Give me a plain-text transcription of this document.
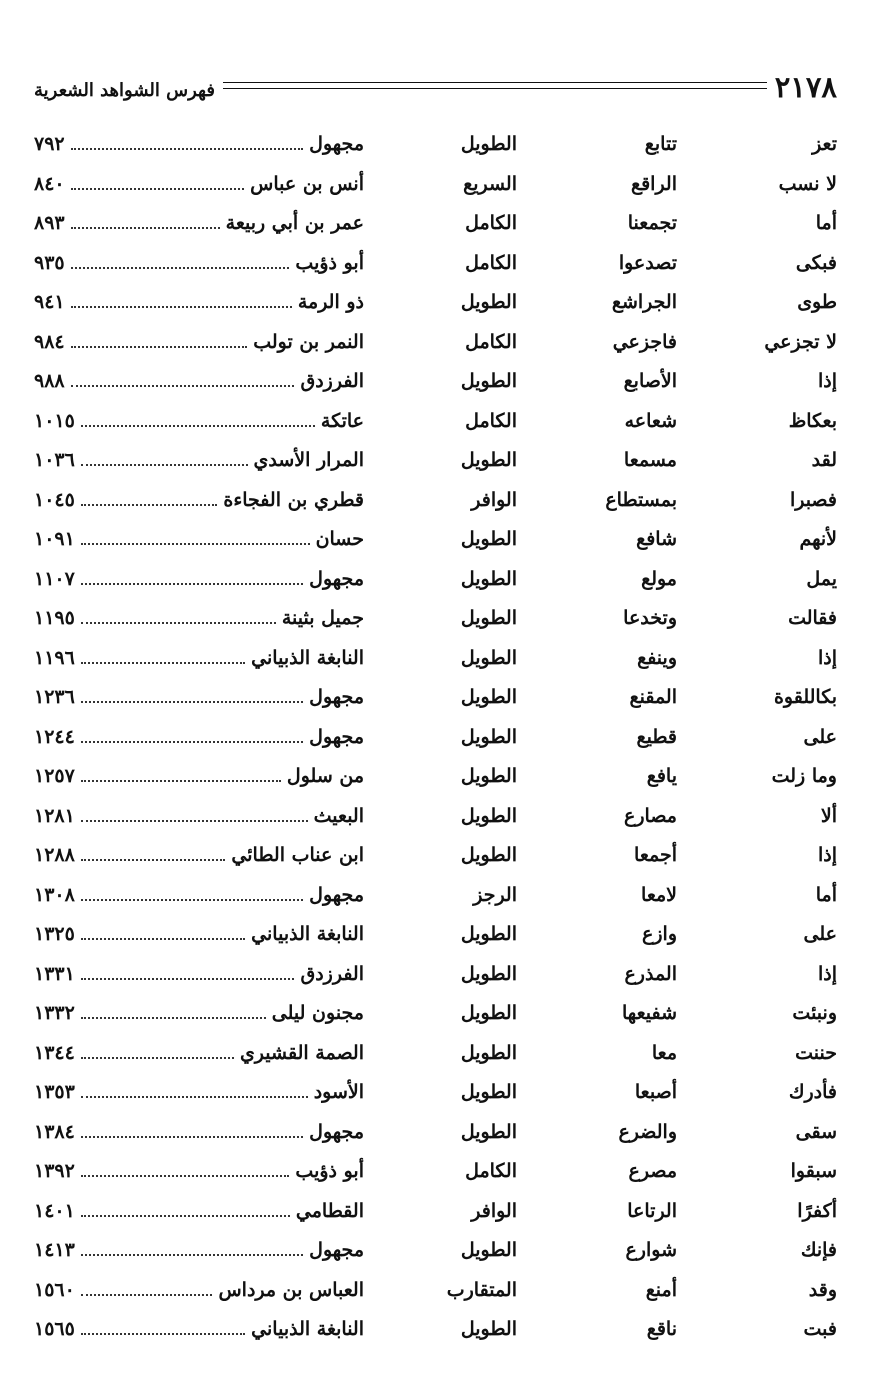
٢١٧٨
فهرس الشواهد الشعرية
تعز
تتابع
الطويل
مجهول
٧٩٢
لا نسب
الراقع
السريع
أنس بن عباس
٨٤٠
أما
تجمعنا
الكامل
عمر بن أبي ربيعة
٨٩٣
فبكى
تصدعوا
الكامل
أبو ذؤيب
٩٣٥
طوى
الجراشع
الطويل
ذو الرمة
٩٤١
لا تجزعي
فاجزعي
الكامل
النمر بن تولب
٩٨٤
إذا
الأصابع
الطويل
الفرزدق
٩٨٨
بعكاظ
شعاعه
الكامل
عاتكة
١٠١٥
لقد
مسمعا
الطويل
المرار الأسدي
١٠٣٦
فصبرا
بمستطاع
الوافر
قطري بن الفجاءة
١٠٤٥
لأنهم
شافع
الطويل
حسان
١٠٩١
يمل
مولع
الطويل
مجهول
١١٠٧
فقالت
وتخدعا
الطويل
جميل بثينة
١١٩٥
إذا
وينفع
الطويل
النابغة الذبياني
١١٩٦
بكاللقوة
المقنع
الطويل
مجهول
١٢٣٦
على
قطيع
الطويل
مجهول
١٢٤٤
وما زلت
يافع
الطويل
من سلول
١٢٥٧
ألا
مصارع
الطويل
البعيث
١٢٨١
إذا
أجمعا
الطويل
ابن عناب الطائي
١٢٨٨
أما
لامعا
الرجز
مجهول
١٣٠٨
على
وازع
الطويل
النابغة الذبياني
١٣٢٥
إذا
المذرع
الطويل
الفرزدق
١٣٣١
ونبئت
شفيعها
الطويل
مجنون ليلى
١٣٣٢
حننت
معا
الطويل
الصمة القشيري
١٣٤٤
فأدرك
أصبعا
الطويل
الأسود
١٣٥٣
سقى
والضرع
الطويل
مجهول
١٣٨٤
سبقوا
مصرع
الكامل
أبو ذؤيب
١٣٩٢
أكفرًا
الرتاعا
الوافر
القطامي
١٤٠١
فإنك
شوارع
الطويل
مجهول
١٤١٣
وقد
أمنع
المتقارب
العباس بن مرداس
١٥٦٠
فبت
ناقع
الطويل
النابغة الذبياني
١٥٦٥
